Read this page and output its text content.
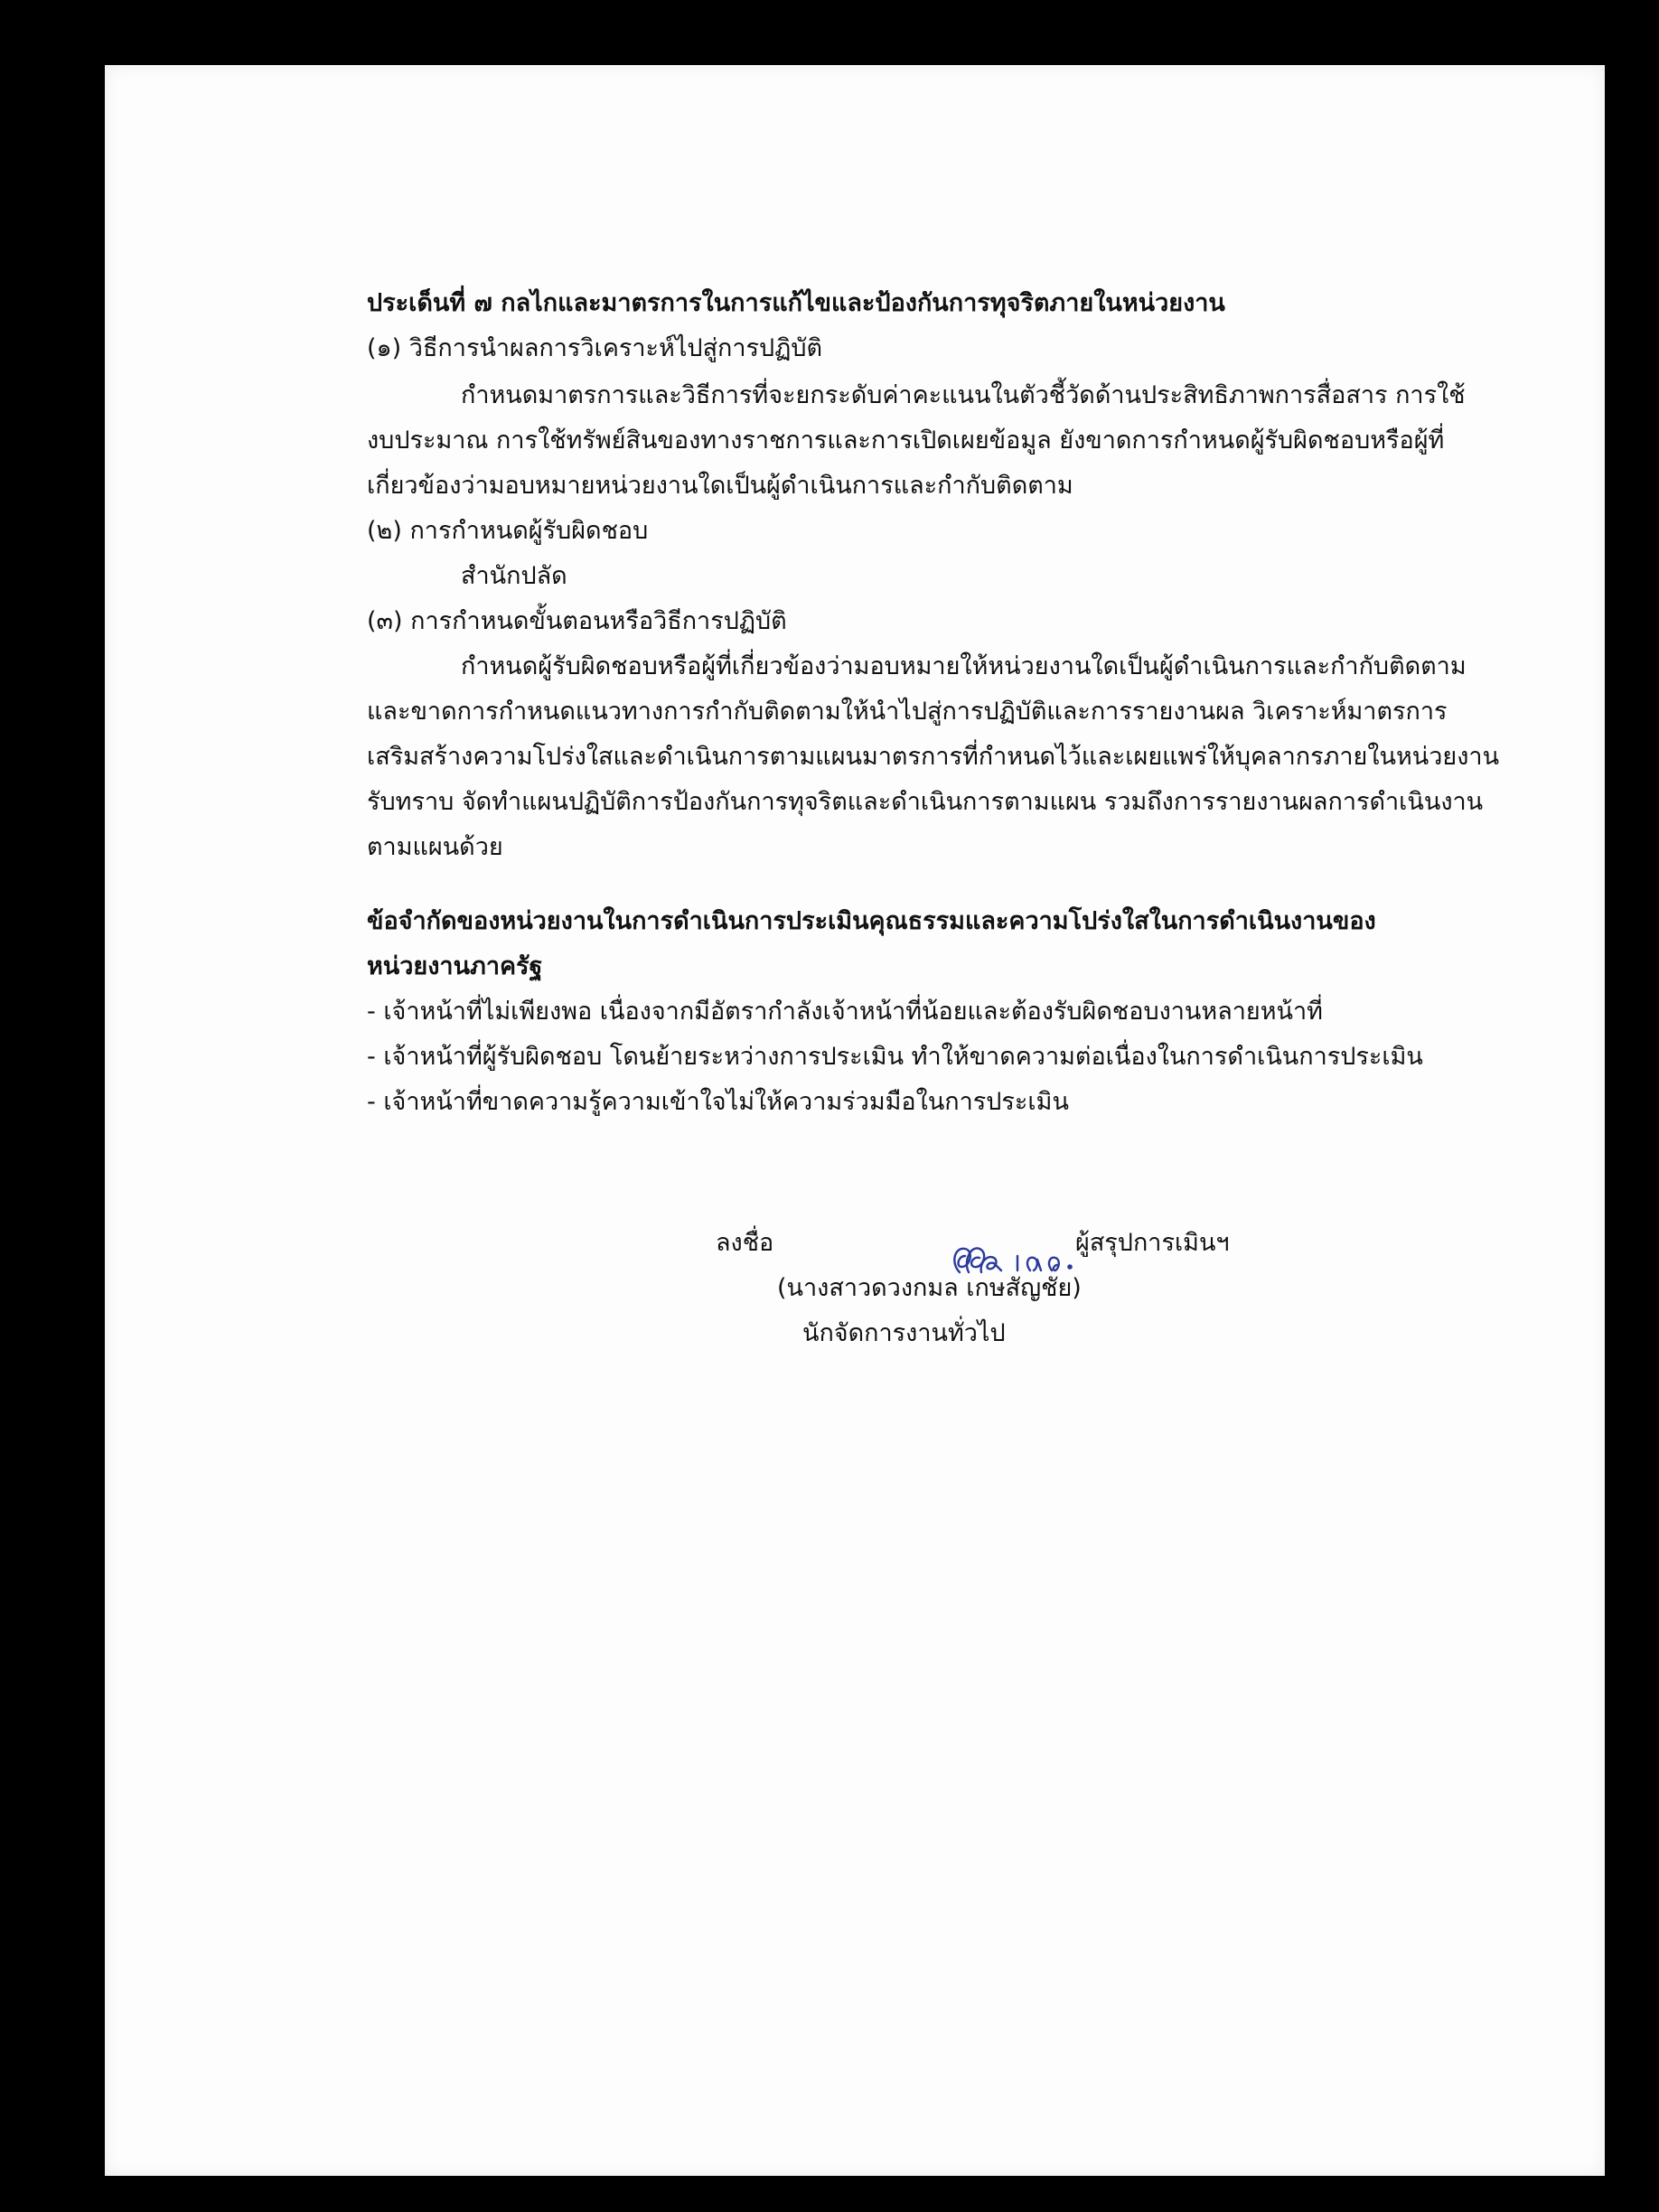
ประเด็นที่ ๗ กลไกและมาตรการในการแก้ไขและป้องกันการทุจริตภายในหน่วยงาน
(๑) วิธีการนำผลการวิเคราะห์ไปสู่การปฏิบัติ
กำหนดมาตรการและวิธีการที่จะยกระดับค่าคะแนนในตัวชี้วัดด้านประสิทธิภาพการสื่อสาร การใช้
งบประมาณ การใช้ทรัพย์สินของทางราชการและการเปิดเผยข้อมูล ยังขาดการกำหนดผู้รับผิดชอบหรือผู้ที่
เกี่ยวข้องว่ามอบหมายหน่วยงานใดเป็นผู้ดำเนินการและกำกับติดตาม
(๒) การกำหนดผู้รับผิดชอบ
สำนักปลัด
(๓) การกำหนดขั้นตอนหรือวิธีการปฏิบัติ
กำหนดผู้รับผิดชอบหรือผู้ที่เกี่ยวข้องว่ามอบหมายให้หน่วยงานใดเป็นผู้ดำเนินการและกำกับติดตาม
และขาดการกำหนดแนวทางการกำกับติดตามให้นำไปสู่การปฏิบัติและการรายงานผล วิเคราะห์มาตรการ
เสริมสร้างความโปร่งใสและดำเนินการตามแผนมาตรการที่กำหนดไว้และเผยแพร่ให้บุคลากรภายในหน่วยงาน
รับทราบ จัดทำแผนปฏิบัติการป้องกันการทุจริตและดำเนินการตามแผน รวมถึงการรายงานผลการดำเนินงาน
ตามแผนด้วย
ข้อจำกัดของหน่วยงานในการดำเนินการประเมินคุณธรรมและความโปร่งใสในการดำเนินงานของ
หน่วยงานภาครัฐ
- เจ้าหน้าที่ไม่เพียงพอ เนื่องจากมีอัตรากำลังเจ้าหน้าที่น้อยและต้องรับผิดชอบงานหลายหน้าที่
- เจ้าหน้าที่ผู้รับผิดชอบ โดนย้ายระหว่างการประเมิน ทำให้ขาดความต่อเนื่องในการดำเนินการประเมิน
- เจ้าหน้าที่ขาดความรู้ความเข้าใจไม่ให้ความร่วมมือในการประเมิน
ลงชื่อ	ผู้สรุปการเมินฯ
(นางสาวดวงกมล เกษสัญชัย)
นักจัดการงานทั่วไป
